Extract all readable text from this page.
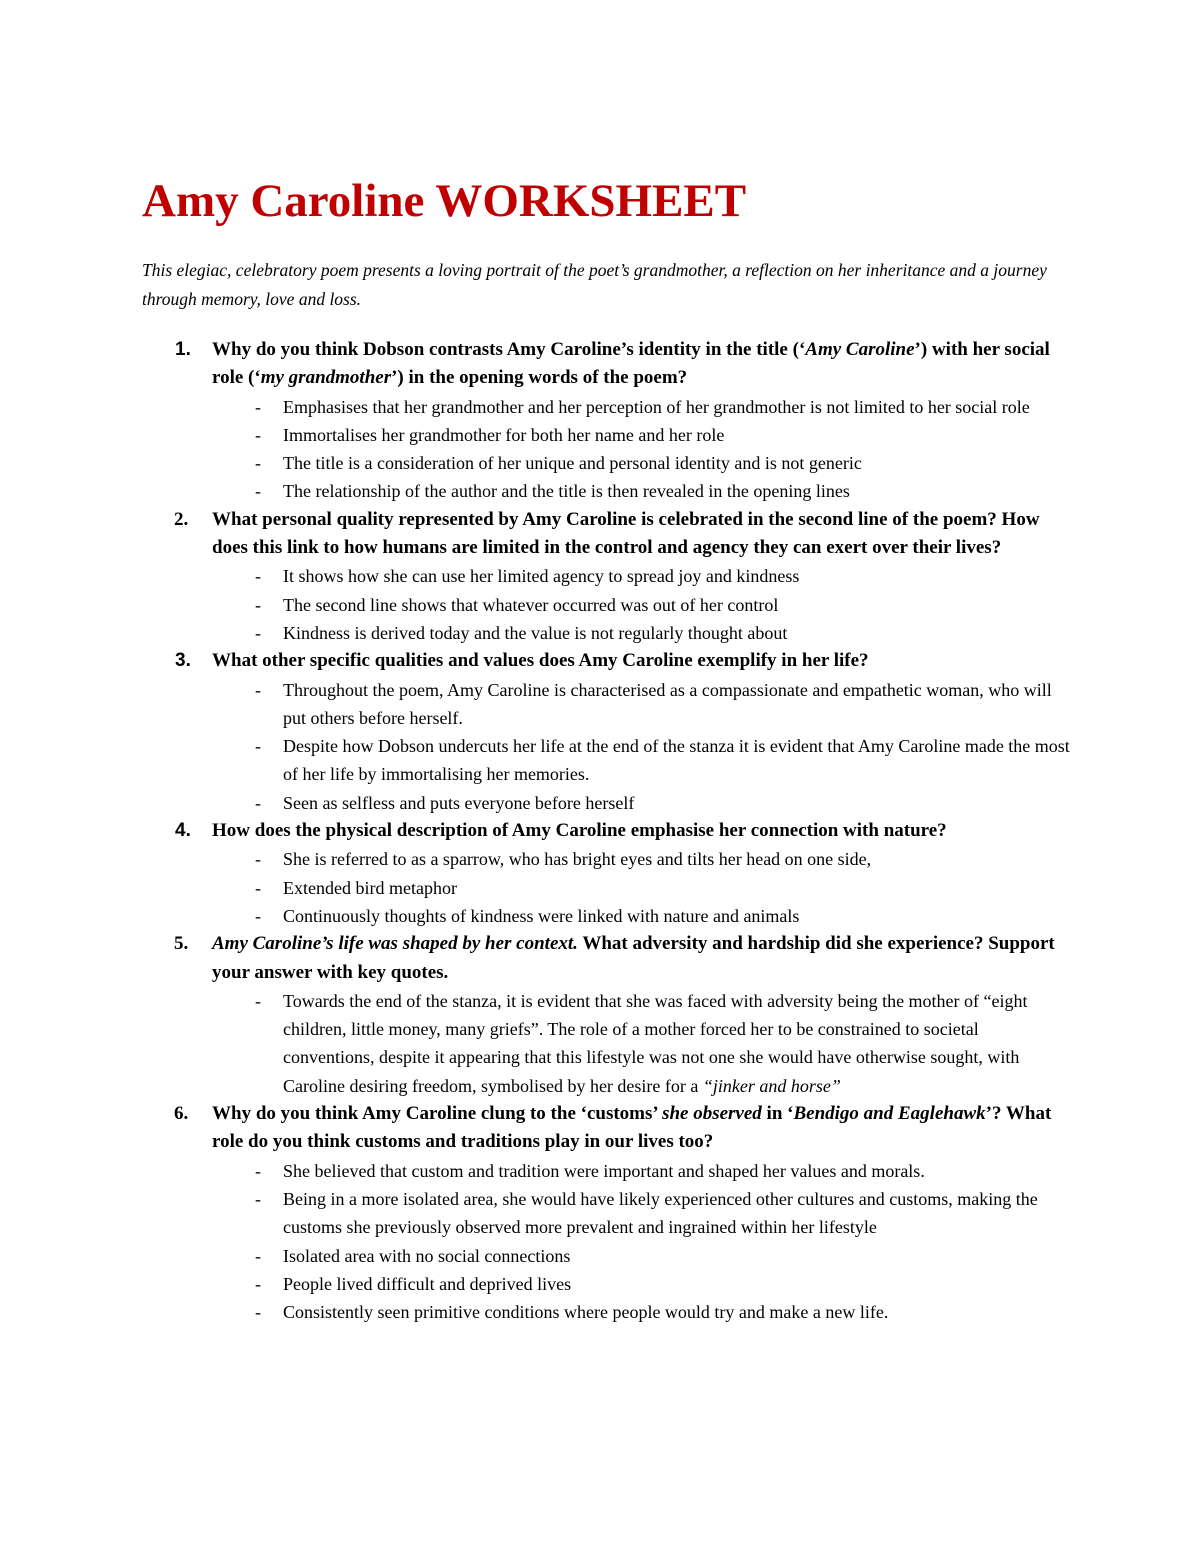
Amy Caroline WORKSHEET

This elegiac, celebratory poem presents a loving portrait of the poet’s grandmother, a reflection on her inheritance and a journey through memory, love and loss.

1. Why do you think Dobson contrasts Amy Caroline’s identity in the title (‘Amy Caroline’) with her social role (‘my grandmother’) in the opening words of the poem?

- Emphasises that her grandmother and her perception of her grandmother is not limited to her social role
- Immortalises her grandmother for both her name and her role
- The title is a consideration of her unique and personal identity and is not generic
- The relationship of the author and the title is then revealed in the opening lines
2. What personal quality represented by Amy Caroline is celebrated in the second line of the poem? How does this link to how humans are limited in the control and agency they can exert over their lives?

- It shows how she can use her limited agency to spread joy and kindness
- The second line shows that whatever occurred was out of her control
- Kindness is derived today and the value is not regularly thought about
3. What other specific qualities and values does Amy Caroline exemplify in her life?

- Throughout the poem, Amy Caroline is characterised as a compassionate and empathetic woman, who will put others before herself.
- Despite how Dobson undercuts her life at the end of the stanza it is evident that Amy Caroline made the most of her life by immortalising her memories.
- Seen as selfless and puts everyone before herself
4. How does the physical description of Amy Caroline emphasise her connection with nature?

- She is referred to as a sparrow, who has bright eyes and tilts her head on one side,
- Extended bird metaphor
- Continuously thoughts of kindness were linked with nature and animals
5. Amy Caroline’s life was shaped by her context. What adversity and hardship did she experience? Support your answer with key quotes.

- Towards the end of the stanza, it is evident that she was faced with adversity being the mother of “eight children, little money, many griefs”. The role of a mother forced her to be constrained to societal conventions, despite it appearing that this lifestyle was not one she would have otherwise sought, with Caroline desiring freedom, symbolised by her desire for a “jinker and horse”
6. Why do you think Amy Caroline clung to the ‘customs’ she observed in ‘Bendigo and Eaglehawk’? What role do you think customs and traditions play in our lives too?

- She believed that custom and tradition were important and shaped her values and morals.
- Being in a more isolated area, she would have likely experienced other cultures and customs, making the customs she previously observed more prevalent and ingrained within her lifestyle
- Isolated area with no social connections
- People lived difficult and deprived lives
- Consistently seen primitive conditions where people would try and make a new life.
